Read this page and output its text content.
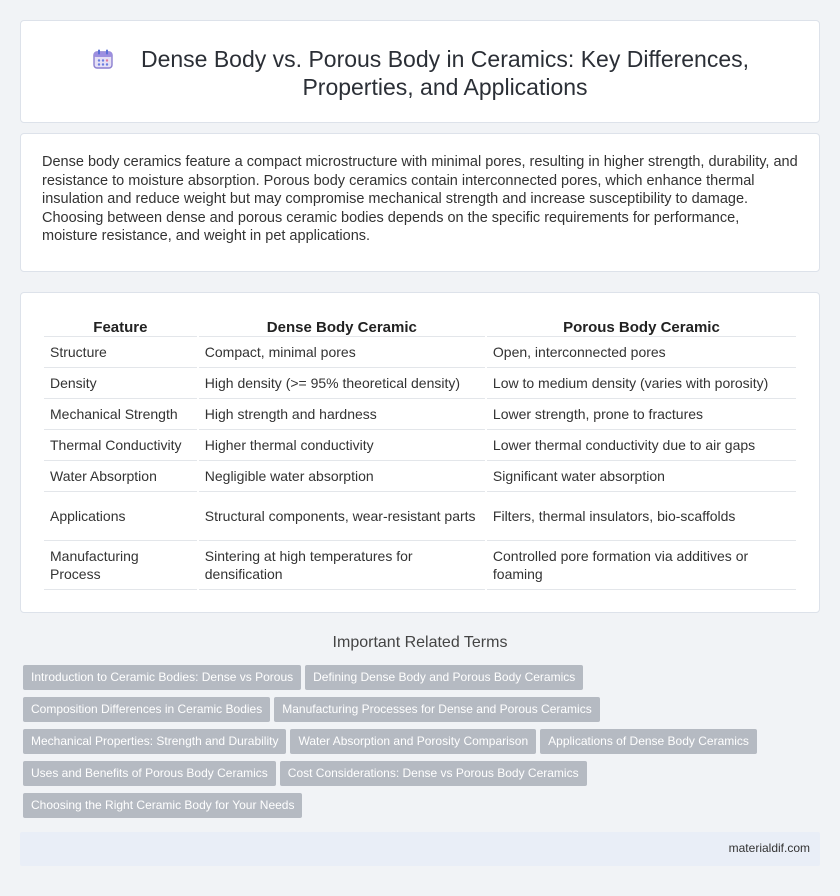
Dense Body vs. Porous Body in Ceramics: Key Differences, Properties, and Applications

Dense body ceramics feature a compact microstructure with minimal pores, resulting in higher strength, durability, and resistance to moisture absorption. Porous body ceramics contain interconnected pores, which enhance thermal insulation and reduce weight but may compromise mechanical strength and increase susceptibility to damage. Choosing between dense and porous ceramic bodies depends on the specific requirements for performance, moisture resistance, and weight in pet applications.

Feature	Dense Body Ceramic	Porous Body Ceramic
Structure	Compact, minimal pores	Open, interconnected pores
Density	High density (>= 95% theoretical density)	Low to medium density (varies with porosity)
Mechanical Strength	High strength and hardness	Lower strength, prone to fractures
Thermal Conductivity	Higher thermal conductivity	Lower thermal conductivity due to air gaps
Water Absorption	Negligible water absorption	Significant water absorption
Applications	Structural components, wear-resistant parts	Filters, thermal insulators, bio-scaffolds
Manufacturing Process	Sintering at high temperatures for densification	Controlled pore formation via additives or foaming
Important Related Terms
Introduction to Ceramic Bodies: Dense vs Porous Defining Dense Body and Porous Body Ceramics
Composition Differences in Ceramic Bodies Manufacturing Processes for Dense and Porous Ceramics
Mechanical Properties: Strength and Durability Water Absorption and Porosity Comparison Applications of Dense Body Ceramics
Uses and Benefits of Porous Body Ceramics Cost Considerations: Dense vs Porous Body Ceramics
Choosing the Right Ceramic Body for Your Needs
materialdif.com
